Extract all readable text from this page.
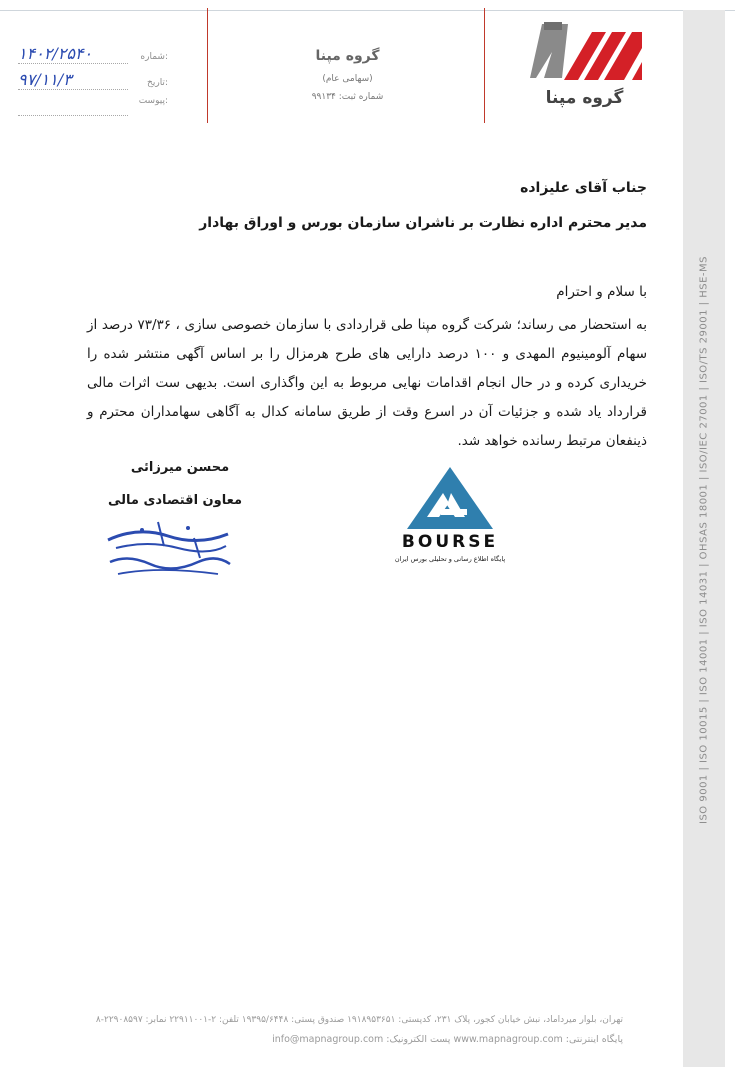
ISO 9001 | ISO 10015 | ISO 14001 | ISO 14031 | OHSAS 18001 | ISO/IEC 27001 | ISO/TS 29001 | HSE-MS
۱۴۰۲/۲۵۴۰	شماره:
۹۷/۱۱/۳	تاریخ:
پیوست:
گروه مپنا
(سهامی عام)
شماره ثبت: ۹۹۱۳۴	گروه مپنا
جناب آقای علیزاده
مدیر محترم اداره نظارت بر ناشران سازمان بورس و اوراق بهادار
با سلام و احترام
به استحضار می رساند؛ شرکت گروه مپنا طی قراردادی با سازمان خصوصی سازی ، ۷۳/۳۶ درصد از سهام آلومینیوم المهدی و ۱۰۰ درصد دارایی های طرح هرمزال را بر اساس آگهی منتشر شده را خریداری کرده و در حال انجام اقدامات نهایی مربوط به این واگذاری است. بدیهی ست اثرات مالی قرارداد یاد شده و جزئیات آن در اسرع وقت از طریق سامانه کدال به آگاهی سهامداران محترم و ذینفعان مرتبط رسانده خواهد شد.
محسن میرزائی
معاون اقتصادی مالی
BOURSE
پایگاه اطلاع رسانی و تحلیلی بورس ایران
تهران، بلوار میرداماد، نبش خیابان کجور، پلاک ۲۳۱، کدپستی: ۱۹۱۸۹۵۳۶۵۱ صندوق پستی: ۱۹۳۹۵/۶۴۴۸ تلفن: ۲-۲۲۹۱۱۰۰۱ نمابر: ۲۲۹۰۸۵۹۷-۸
پایگاه اینترنتی: www.mapnagroup.com پست الکترونیک: info@mapnagroup.com
